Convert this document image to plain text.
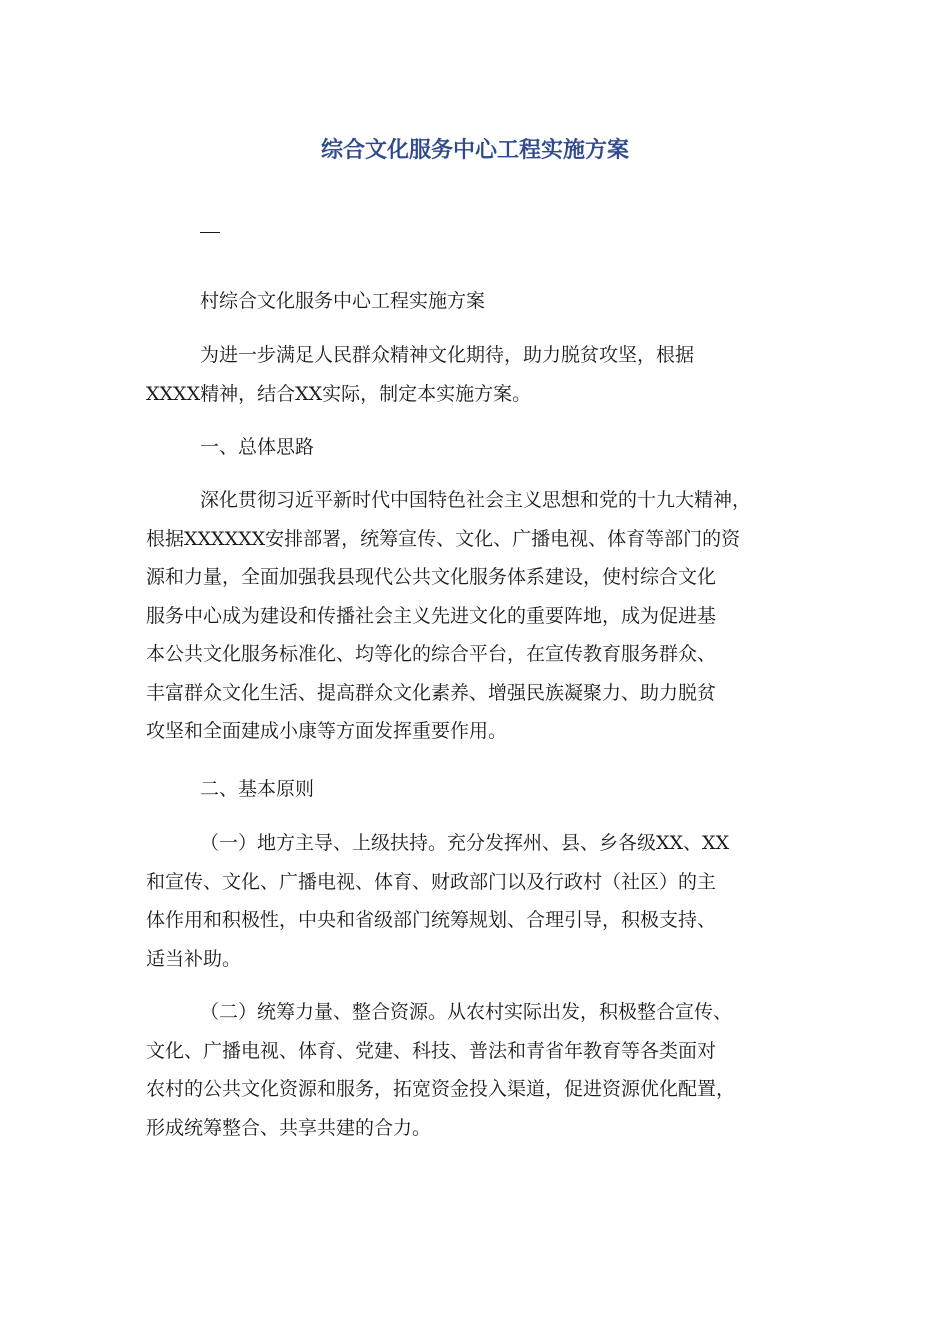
综合文化服务中心工程实施方案
村综合文化服务中心工程实施方案
为进一步满足人民群众精神文化期待，助力脱贫攻坚，根据
XXXX精神，结合XX实际，制定本实施方案。
一、总体思路
深化贯彻习近平新时代中国特色社会主义思想和党的十九大精神，
根据XXXXXX安排部署，统筹宣传、文化、广播电视、体育等部门的资
源和力量，全面加强我县现代公共文化服务体系建设，使村综合文化
服务中心成为建设和传播社会主义先进文化的重要阵地，成为促进基
本公共文化服务标准化、均等化的综合平台，在宣传教育服务群众、
丰富群众文化生活、提高群众文化素养、增强民族凝聚力、助力脱贫
攻坚和全面建成小康等方面发挥重要作用。
二、基本原则
（一）地方主导、上级扶持。充分发挥州、县、乡各级XX、XX
和宣传、文化、广播电视、体育、财政部门以及行政村（社区）的主
体作用和积极性，中央和省级部门统筹规划、合理引导，积极支持、
适当补助。
（二）统筹力量、整合资源。从农村实际出发，积极整合宣传、
文化、广播电视、体育、党建、科技、普法和青省年教育等各类面对
农村的公共文化资源和服务，拓宽资金投入渠道，促进资源优化配置，
形成统筹整合、共享共建的合力。
